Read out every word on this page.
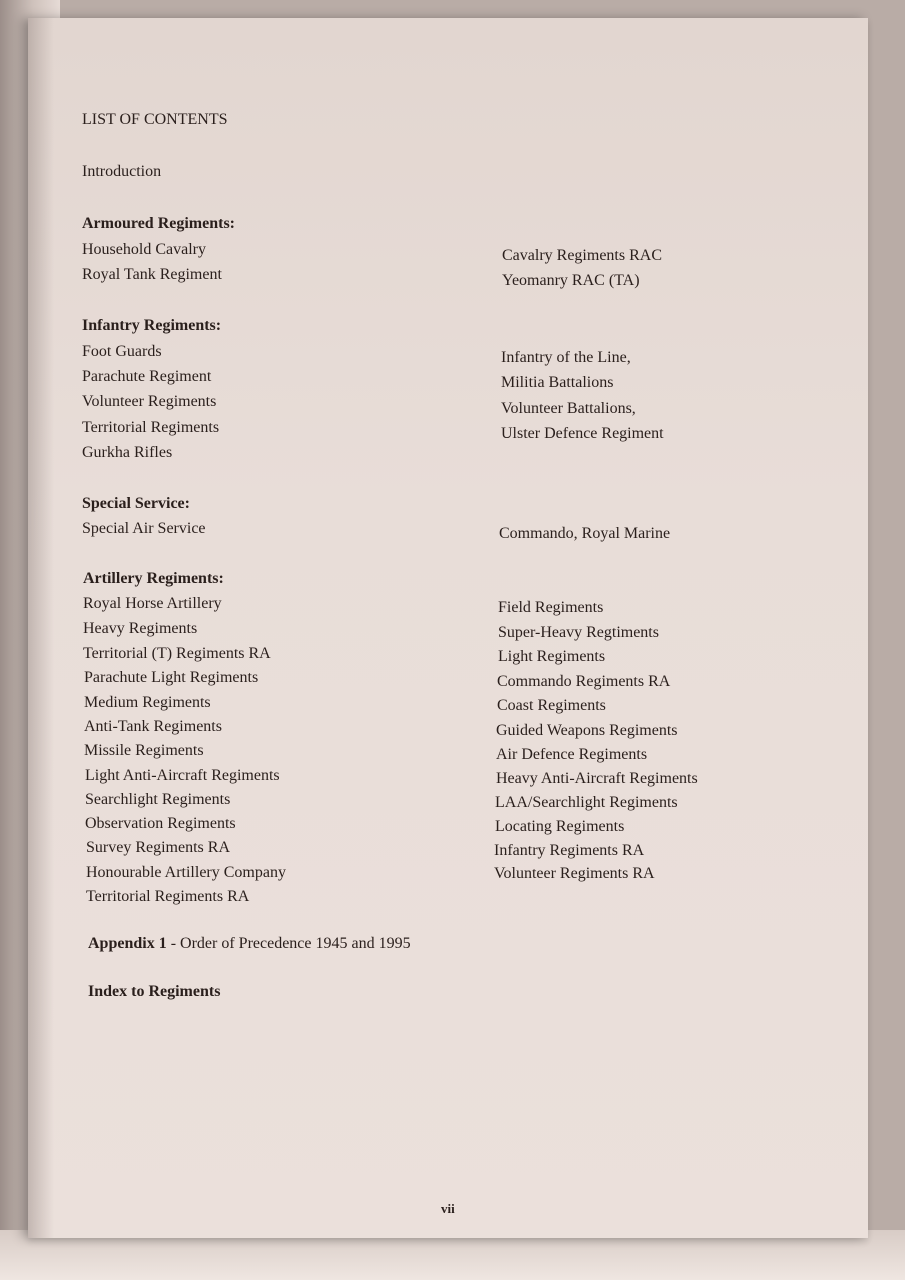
LIST OF CONTENTS
Introduction
Armoured Regiments:
Household Cavalry
Royal Tank Regiment
Cavalry Regiments RAC
Yeomanry RAC (TA)
Infantry Regiments:
Foot Guards
Parachute Regiment
Volunteer Regiments
Territorial Regiments
Gurkha Rifles
Infantry of the Line,
Militia Battalions
Volunteer Battalions,
Ulster Defence Regiment
Special Service:
Special Air Service	Commando, Royal Marine
Artillery Regiments:
Royal Horse Artillery
Heavy Regiments
Territorial (T) Regiments RA
Parachute Light Regiments
Medium Regiments
Anti-Tank Regiments
Missile Regiments
Light Anti-Aircraft Regiments
Searchlight Regiments
Observation Regiments
Survey Regiments RA
Honourable Artillery Company
Territorial Regiments RA
Field Regiments
Super-Heavy Regtiments
Light Regiments
Commando Regiments RA
Coast Regiments
Guided Weapons Regiments
Air Defence Regiments
Heavy Anti-Aircraft Regiments
LAA/Searchlight Regiments
Locating Regiments
Infantry Regiments RA
Volunteer Regiments RA
Appendix 1 - Order of Precedence 1945 and 1995
Index to Regiments
vii
